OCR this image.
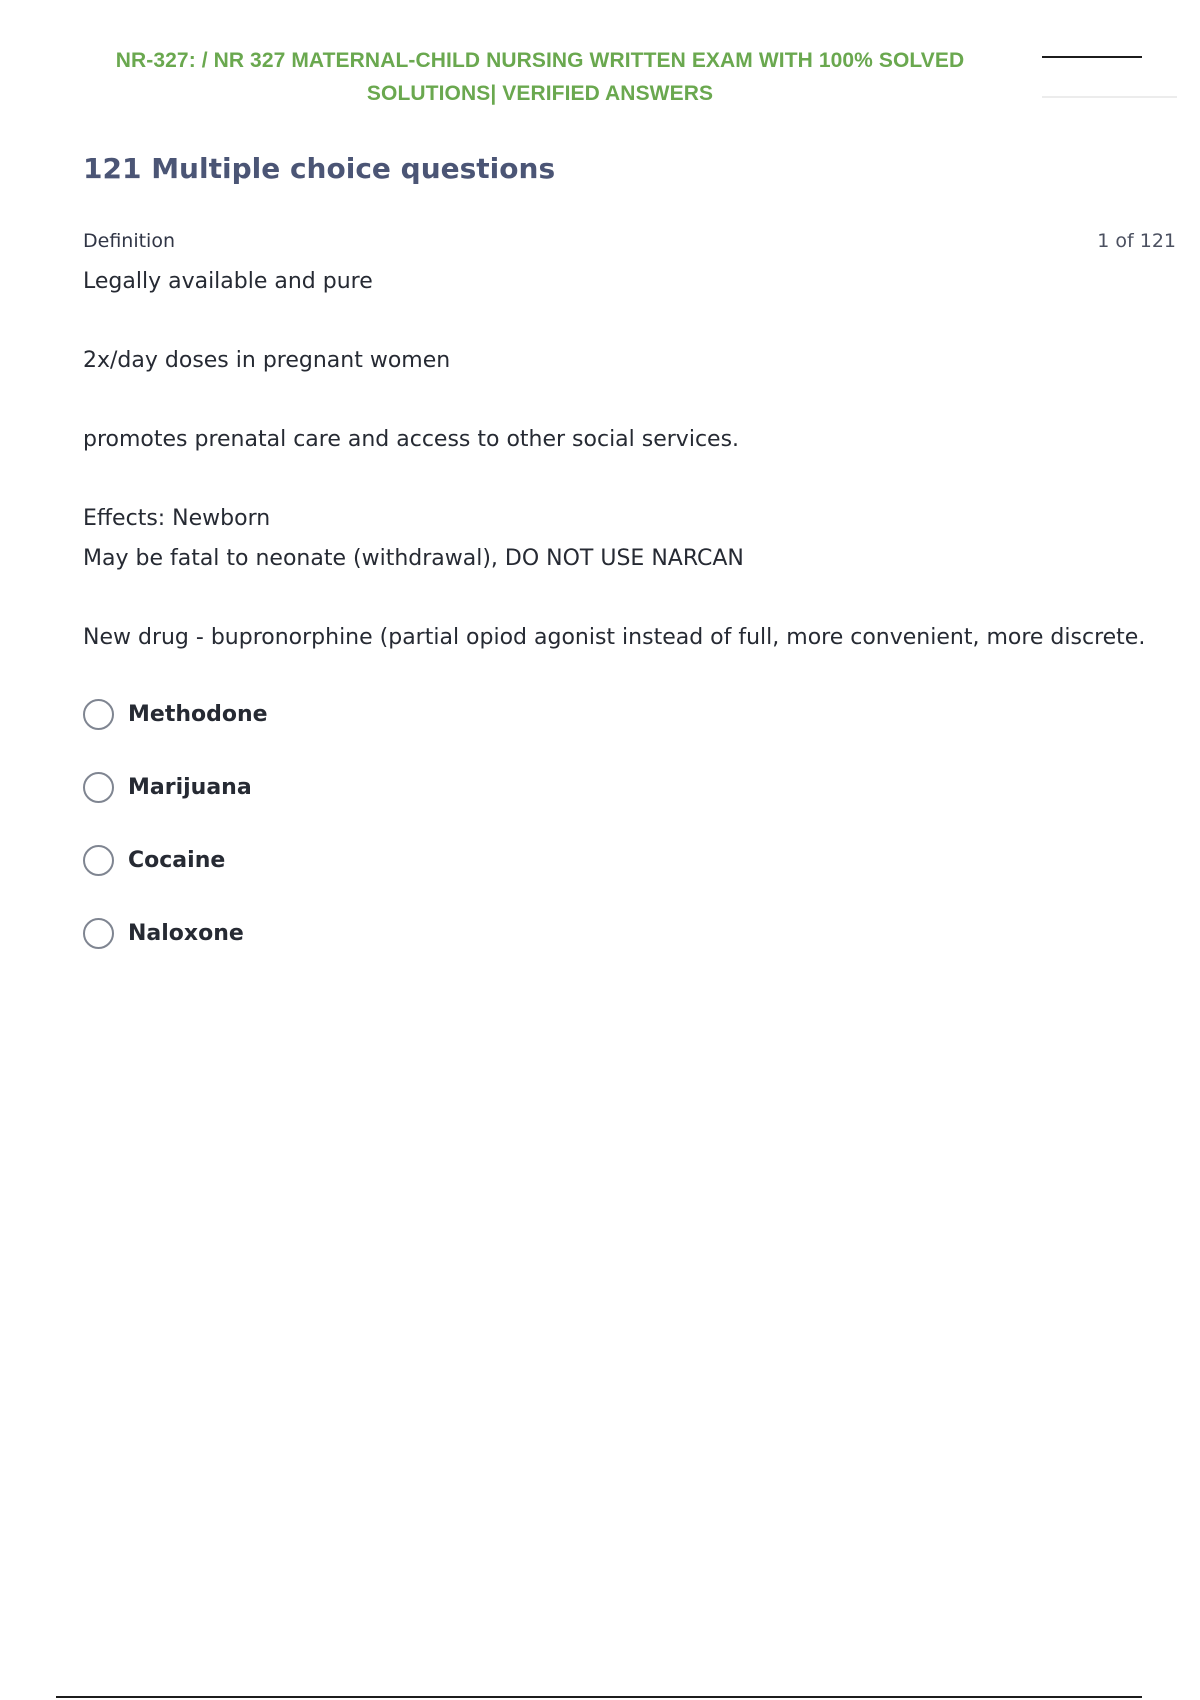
NR-327: / NR 327 MATERNAL-CHILD NURSING WRITTEN EXAM WITH 100% SOLVED
SOLUTIONS| VERIFIED ANSWERS
121 Multiple choice questions
Definition	1 of 121
Legally available and pure
2x/day doses in pregnant women
promotes prenatal care and access to other social services.
Effects: Newborn
May be fatal to neonate (withdrawal), DO NOT USE NARCAN
New drug - bupronorphine (partial opiod agonist instead of full, more convenient, more discrete.
Methodone
Marijuana
Cocaine
Naloxone
